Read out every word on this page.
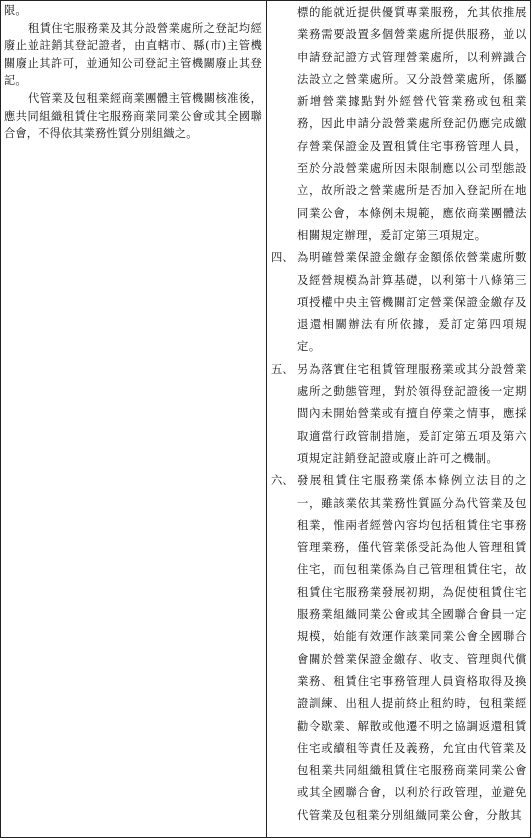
限。

租賃住宅服務業及其分設營業處所之登記均經廢止並註銷其登記證者，由直轄市、縣(市)主管機關廢止其許可，並通知公司登記主管機關廢止其登記。

代管業及包租業經商業團體主管機關核准後，應共同組織租賃住宅服務商業同業公會或其全國聯合會，不得依其業務性質分別組織之。

標的能就近提供優質專業服務，允其依推展業務需要設置多個營業處所提供服務，並以申請登記證方式管理營業處所，以利辨識合法設立之營業處所。又分設營業處所，係屬新增營業據點對外經營代管業務或包租業務，因此申請分設營業處所登記仍應完成繳存營業保證金及置租賃住宅事務管理人員，至於分設營業處所因未限制應以公司型態設立，故所設之營業處所是否加入登記所在地同業公會，本條例未規範，應依商業團體法相關規定辦理，爰訂定第三項規定。

四、 為明確營業保證金繳存金額係依營業處所數及經營規模為計算基礎，以利第十八條第三項授權中央主管機關訂定營業保證金繳存及退還相關辦法有所依據，爰訂定第四項規定。

五、 另為落實住宅租賃管理服務業或其分設營業處所之動態管理，對於領得登記證後一定期間內未開始營業或有擅自停業之情事，應採取適當行政管制措施，爰訂定第五項及第六項規定註銷登記證或廢止許可之機制。

六、 發展租賃住宅服務業係本條例立法目的之一，雖該業依其業務性質區分為代管業及包租業，惟兩者經營內容均包括租賃住宅事務管理業務，僅代管業係受託為他人管理租賃住宅，而包租業係為自己管理租賃住宅，故租賃住宅服務業發展初期，為促使租賃住宅服務業組織同業公會或其全國聯合會員一定規模，始能有效運作該業同業公會全國聯合會關於營業保證金繳存、收支、管理與代償業務、租賃住宅事務管理人員資格取得及換證訓練、出租人提前終止租約時，包租業經勸令歇業、解散或他遷不明之協調返還租賃住宅或續租等責任及義務，允宜由代管業及包租業共同組織租賃住宅服務商業同業公會或其全國聯合會，以利於行政管理，並避免代管業及包租業分別組織同業公會，分散其
